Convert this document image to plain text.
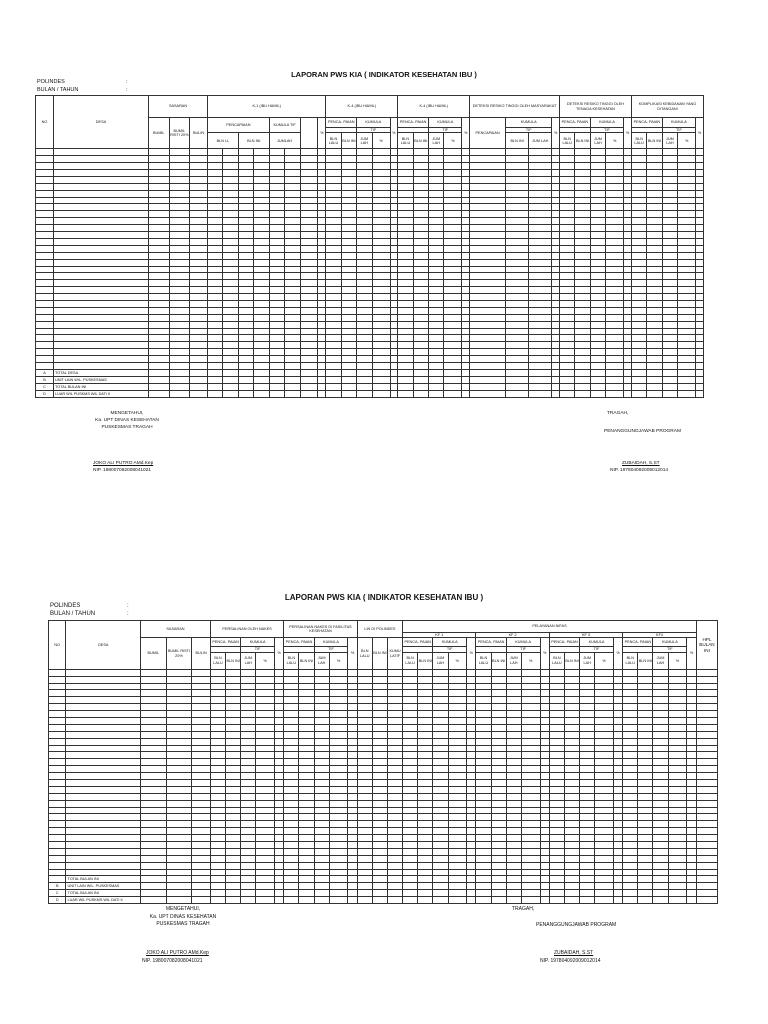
LAPORAN PWS KIA ( INDIKATOR KESEHATAN IBU )
POLINDES	:
BULAN / TAHUN	:
NO	DESA	SASARAN			K-1 (IBU HAMIL)								K-4 (IBU HAMIL)					K-4 (IBU HAMIL)					DETEKSI RESIKO TINGGI OLEH MASYARAKAT				DETEKSI RESIKO TINGGI OLEH TENAGA KESEHATAN					KOMPLIKASI KEBIDANAN YANG DITANGANI				
		BUMIL	BUMIL RISTI 20%	BULIN	PENCAPAIAN				KUMULA TIF			%	PENCA- PAIAN		KUMULA		%	PENCA- PAIAN		KUMULA		%	PENCAPAIAN	KUMULA		%	PENCA- PAIAN		KUMULA		%	PENCA- PAIAN		KUMULA		%
															TIF					TIF				TIF					TIF					TIF		
					BLN LL		BLN INI		JUMLAH				BLN LALU	BLN INI	JUM LAH	%		BLN LALU	BLN INI	JUM LAH	%			BLN INI	JUM LAH		BLN LALU	BLN INI	JUM LAH	%		BLN LALU	BLN INI	JUM LAH	%	

A	TOTAL DESA																																			
B	UNIT LAIN WIL. PUSKESMAS																																			
C	TOTAL BULAN INI																																			
D	LUAR WIL PUSKMS WIL DATI II																																			
MENGETAHUI,
Ka. UPT DINAS KESEHATAN
PUSKESMAS TRAGAH
JOKO ALI PUTRO AMd.Kep
NIP. 198007082008041021
TRAGAH,
PENANGGUNGJAWAB PROGRAM
ZUBAIDAH, S.ST
NIP. 197804092009012014
LAPORAN PWS KIA ( INDIKATOR KESEHATAN IBU )
POLINDES	:
BULAN / TAHUN	:
NO	DESA	SASARAN			PERSALINAN OLEH NAKES					PERSALINAN NAKES DI FASILITAS KESEHATAN					LIN DI POLINDES			PELAYANAN NIFAS																				HPL BULAN INI
																		KF 1					KF 2					KF 3					KF4					
		BUMIL	BUMIL RISTI 20%	BULIN	PENCA- PAIAN		KUMULA		%	PENCA- PAIAN		KUMULA		%	BLN LALU	BLN INI	KUMU LATIF	PENCA- PAIAN		KUMULA		%	PENCA- PAIAN		KUMULA		%	PENCA- PAIAN		KUMULA		%	PENCA- PAIAN		KUMULA		%	
							TIF					TIF								TIF					TIF					TIF					TIF			
					BLN LALU	BLN INI	JUM LAH	%		BLN LALU	BLN INI	JUM LAH	%					BLN LALU	BLN INI	JUM LAH	%		BLN LALU	BLN INI	JUM LAH	%		BLN LALU	BLN INI	JUM LAH	%		BLN LALU	BLN INI	JUM LAH	%		

	TOTAL BULAN INI																																					
B	UNIT LAIN WIL. PUSKESMAS																																					
C	TOTAL BULAN INI																																					
D	LUAR WIL PUSKMS WIL DATI II																																					
MENGETAHUI,
Ka. UPT DINAS KESEHATAN
PUSKESMAS TRAGAH
JOKO ALI PUTRO AMd.Kep
NIP. 198007082008041021
TRAGAH,
PENANGGUNGJAWAB PROGRAM
ZUBAIDAH, S.ST
NIP. 197804092009012014
